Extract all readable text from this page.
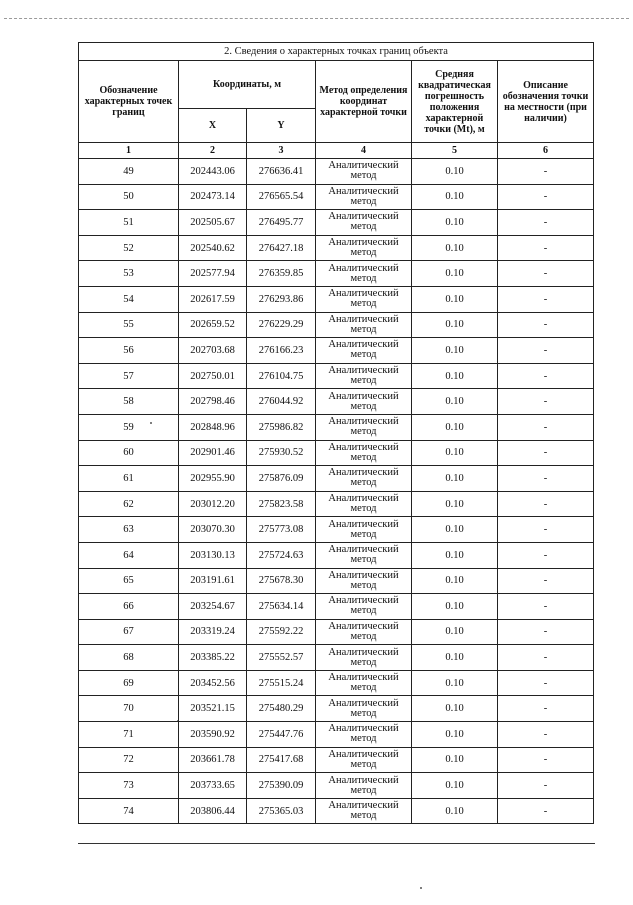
2. Сведения о характерных точках границ объекта					
Обозначение характерных точек границ	Координаты, м		Метод определения координат характерной точки	Средняя квадратическая погрешность положения характерной точки (Mt), м	Описание обозначения точки на местности (при наличии)
	X	Y			
1	2	3	4	5	6
49	202443.06	276636.41	Аналитический метод	0.10	-
50	202473.14	276565.54	Аналитический метод	0.10	-
51	202505.67	276495.77	Аналитический метод	0.10	-
52	202540.62	276427.18	Аналитический метод	0.10	-
53	202577.94	276359.85	Аналитический метод	0.10	-
54	202617.59	276293.86	Аналитический метод	0.10	-
55	202659.52	276229.29	Аналитический метод	0.10	-
56	202703.68	276166.23	Аналитический метод	0.10	-
57	202750.01	276104.75	Аналитический метод	0.10	-
58	202798.46	276044.92	Аналитический метод	0.10	-
59	202848.96	275986.82	Аналитический метод	0.10	-
60	202901.46	275930.52	Аналитический метод	0.10	-
61	202955.90	275876.09	Аналитический метод	0.10	-
62	203012.20	275823.58	Аналитический метод	0.10	-
63	203070.30	275773.08	Аналитический метод	0.10	-
64	203130.13	275724.63	Аналитический метод	0.10	-
65	203191.61	275678.30	Аналитический метод	0.10	-
66	203254.67	275634.14	Аналитический метод	0.10	-
67	203319.24	275592.22	Аналитический метод	0.10	-
68	203385.22	275552.57	Аналитический метод	0.10	-
69	203452.56	275515.24	Аналитический метод	0.10	-
70	203521.15	275480.29	Аналитический метод	0.10	-
71	203590.92	275447.76	Аналитический метод	0.10	-
72	203661.78	275417.68	Аналитический метод	0.10	-
73	203733.65	275390.09	Аналитический метод	0.10	-
74	203806.44	275365.03	Аналитический метод	0.10	-
